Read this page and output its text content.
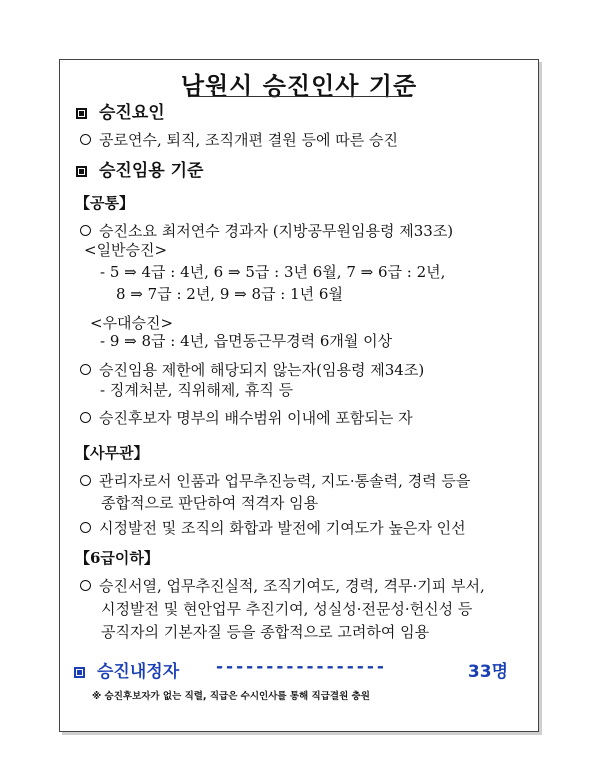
남원시 승진인사 기준
승진요인
공로연수, 퇴직, 조직개편 결원 등에 따른 승진
승진임용 기준
【공통】
승진소요 최저연수 경과자 (지방공무원임용령 제33조)
<일반승진>
- 5 ⇒ 4급 : 4년, 6 ⇒ 5급 : 3년 6월, 7 ⇒ 6급 : 2년,
8 ⇒ 7급 : 2년, 9 ⇒ 8급 : 1년 6월
<우대승진>
- 9 ⇒ 8급 : 4년, 읍면동근무경력 6개월 이상
승진임용 제한에 해당되지 않는자(임용령 제34조)
- 징계처분, 직위해제, 휴직 등
승진후보자 명부의 배수범위 이내에 포함되는 자
【사무관】
관리자로서 인품과 업무추진능력, 지도·통솔력, 경력 등을
종합적으로 판단하여 적격자 임용
시정발전 및 조직의 화합과 발전에 기여도가 높은자 인선
【6급이하】
승진서열, 업무추진실적, 조직기여도, 경력, 격무·기피 부서,
시정발전 및 현안업무 추진기여, 성실성·전문성·헌신성 등
공직자의 기본자질 등을 종합적으로 고려하여 임용
승진내정자 -----------------	33명
※ 승진후보자가 없는 직렬, 직급은 수시인사를 통해 직급결원 충원
